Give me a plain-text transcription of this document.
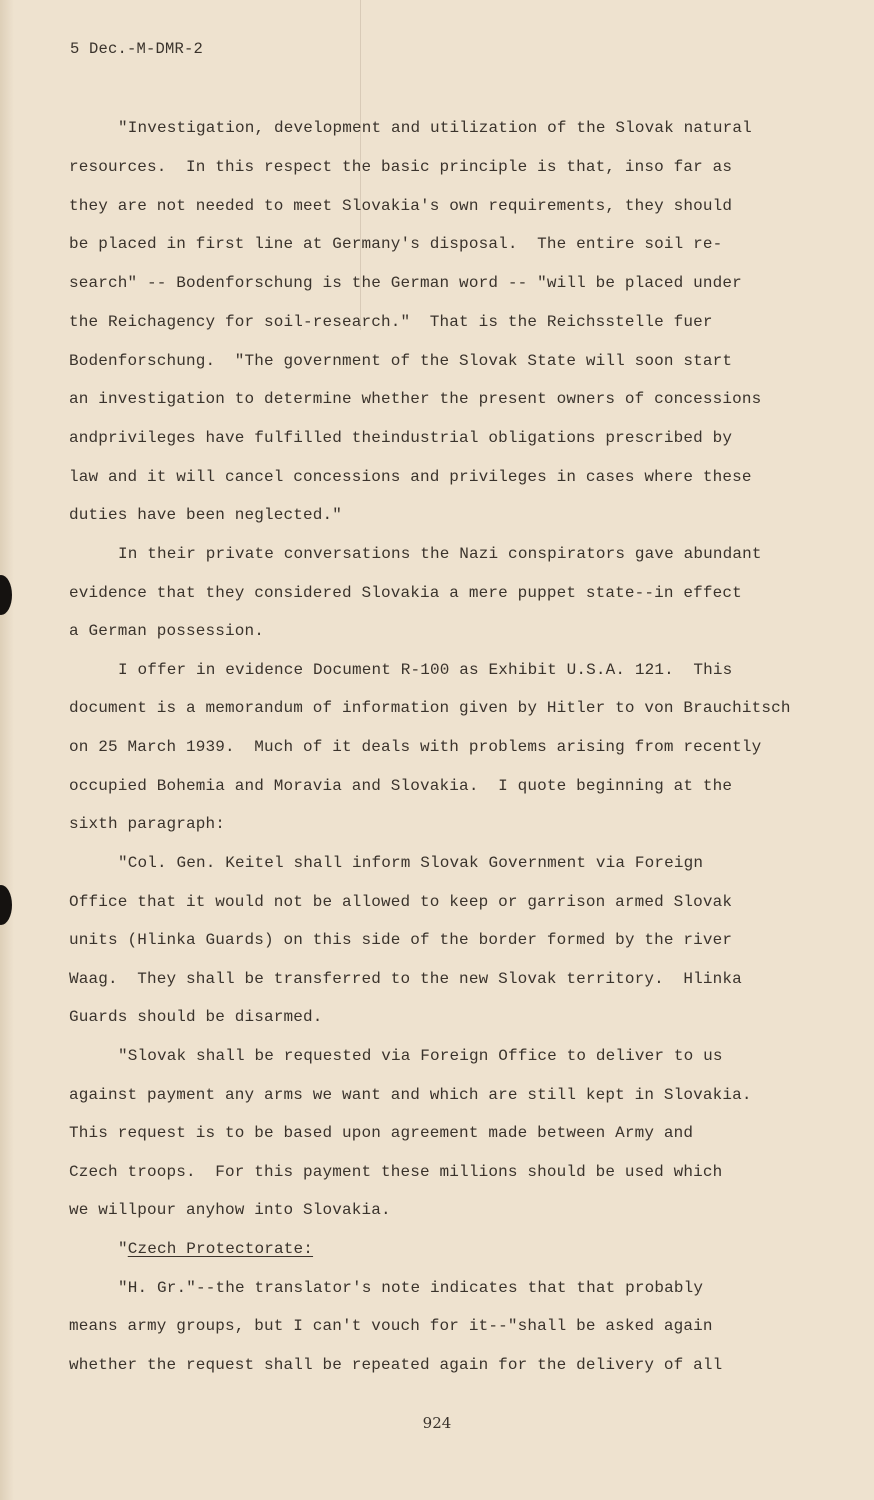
5 Dec.-M-DMR-2
"Investigation, development and utilization of the Slovak natural
resources.  In this respect the basic principle is that, inso far as
they are not needed to meet Slovakia's own requirements, they should
be placed in first line at Germany's disposal.  The entire soil re-
search" -- Bodenforschung is the German word -- "will be placed under
the Reichagency for soil-research."  That is the Reichsstelle fuer
Bodenforschung.  "The government of the Slovak State will soon start
an investigation to determine whether the present owners of concessions
andprivileges have fulfilled theindustrial obligations prescribed by
law and it will cancel concessions and privileges in cases where these
duties have been neglected."
In their private conversations the Nazi conspirators gave abundant
evidence that they considered Slovakia a mere puppet state--in effect
a German possession.
I offer in evidence Document R-100 as Exhibit U.S.A. 121.  This
document is a memorandum of information given by Hitler to von Brauchitsch
on 25 March 1939.  Much of it deals with problems arising from recently
occupied Bohemia and Moravia and Slovakia.  I quote beginning at the
sixth paragraph:
"Col. Gen. Keitel shall inform Slovak Government via Foreign
Office that it would not be allowed to keep or garrison armed Slovak
units (Hlinka Guards) on this side of the border formed by the river
Waag.  They shall be transferred to the new Slovak territory.  Hlinka
Guards should be disarmed.
"Slovak shall be requested via Foreign Office to deliver to us
against payment any arms we want and which are still kept in Slovakia.
This request is to be based upon agreement made between Army and
Czech troops.  For this payment these millions should be used which
we willpour anyhow into Slovakia.
"Czech Protectorate:
"H. Gr."--the translator's note indicates that that probably
means army groups, but I can't vouch for it--"shall be asked again
whether the request shall be repeated again for the delivery of all
924
